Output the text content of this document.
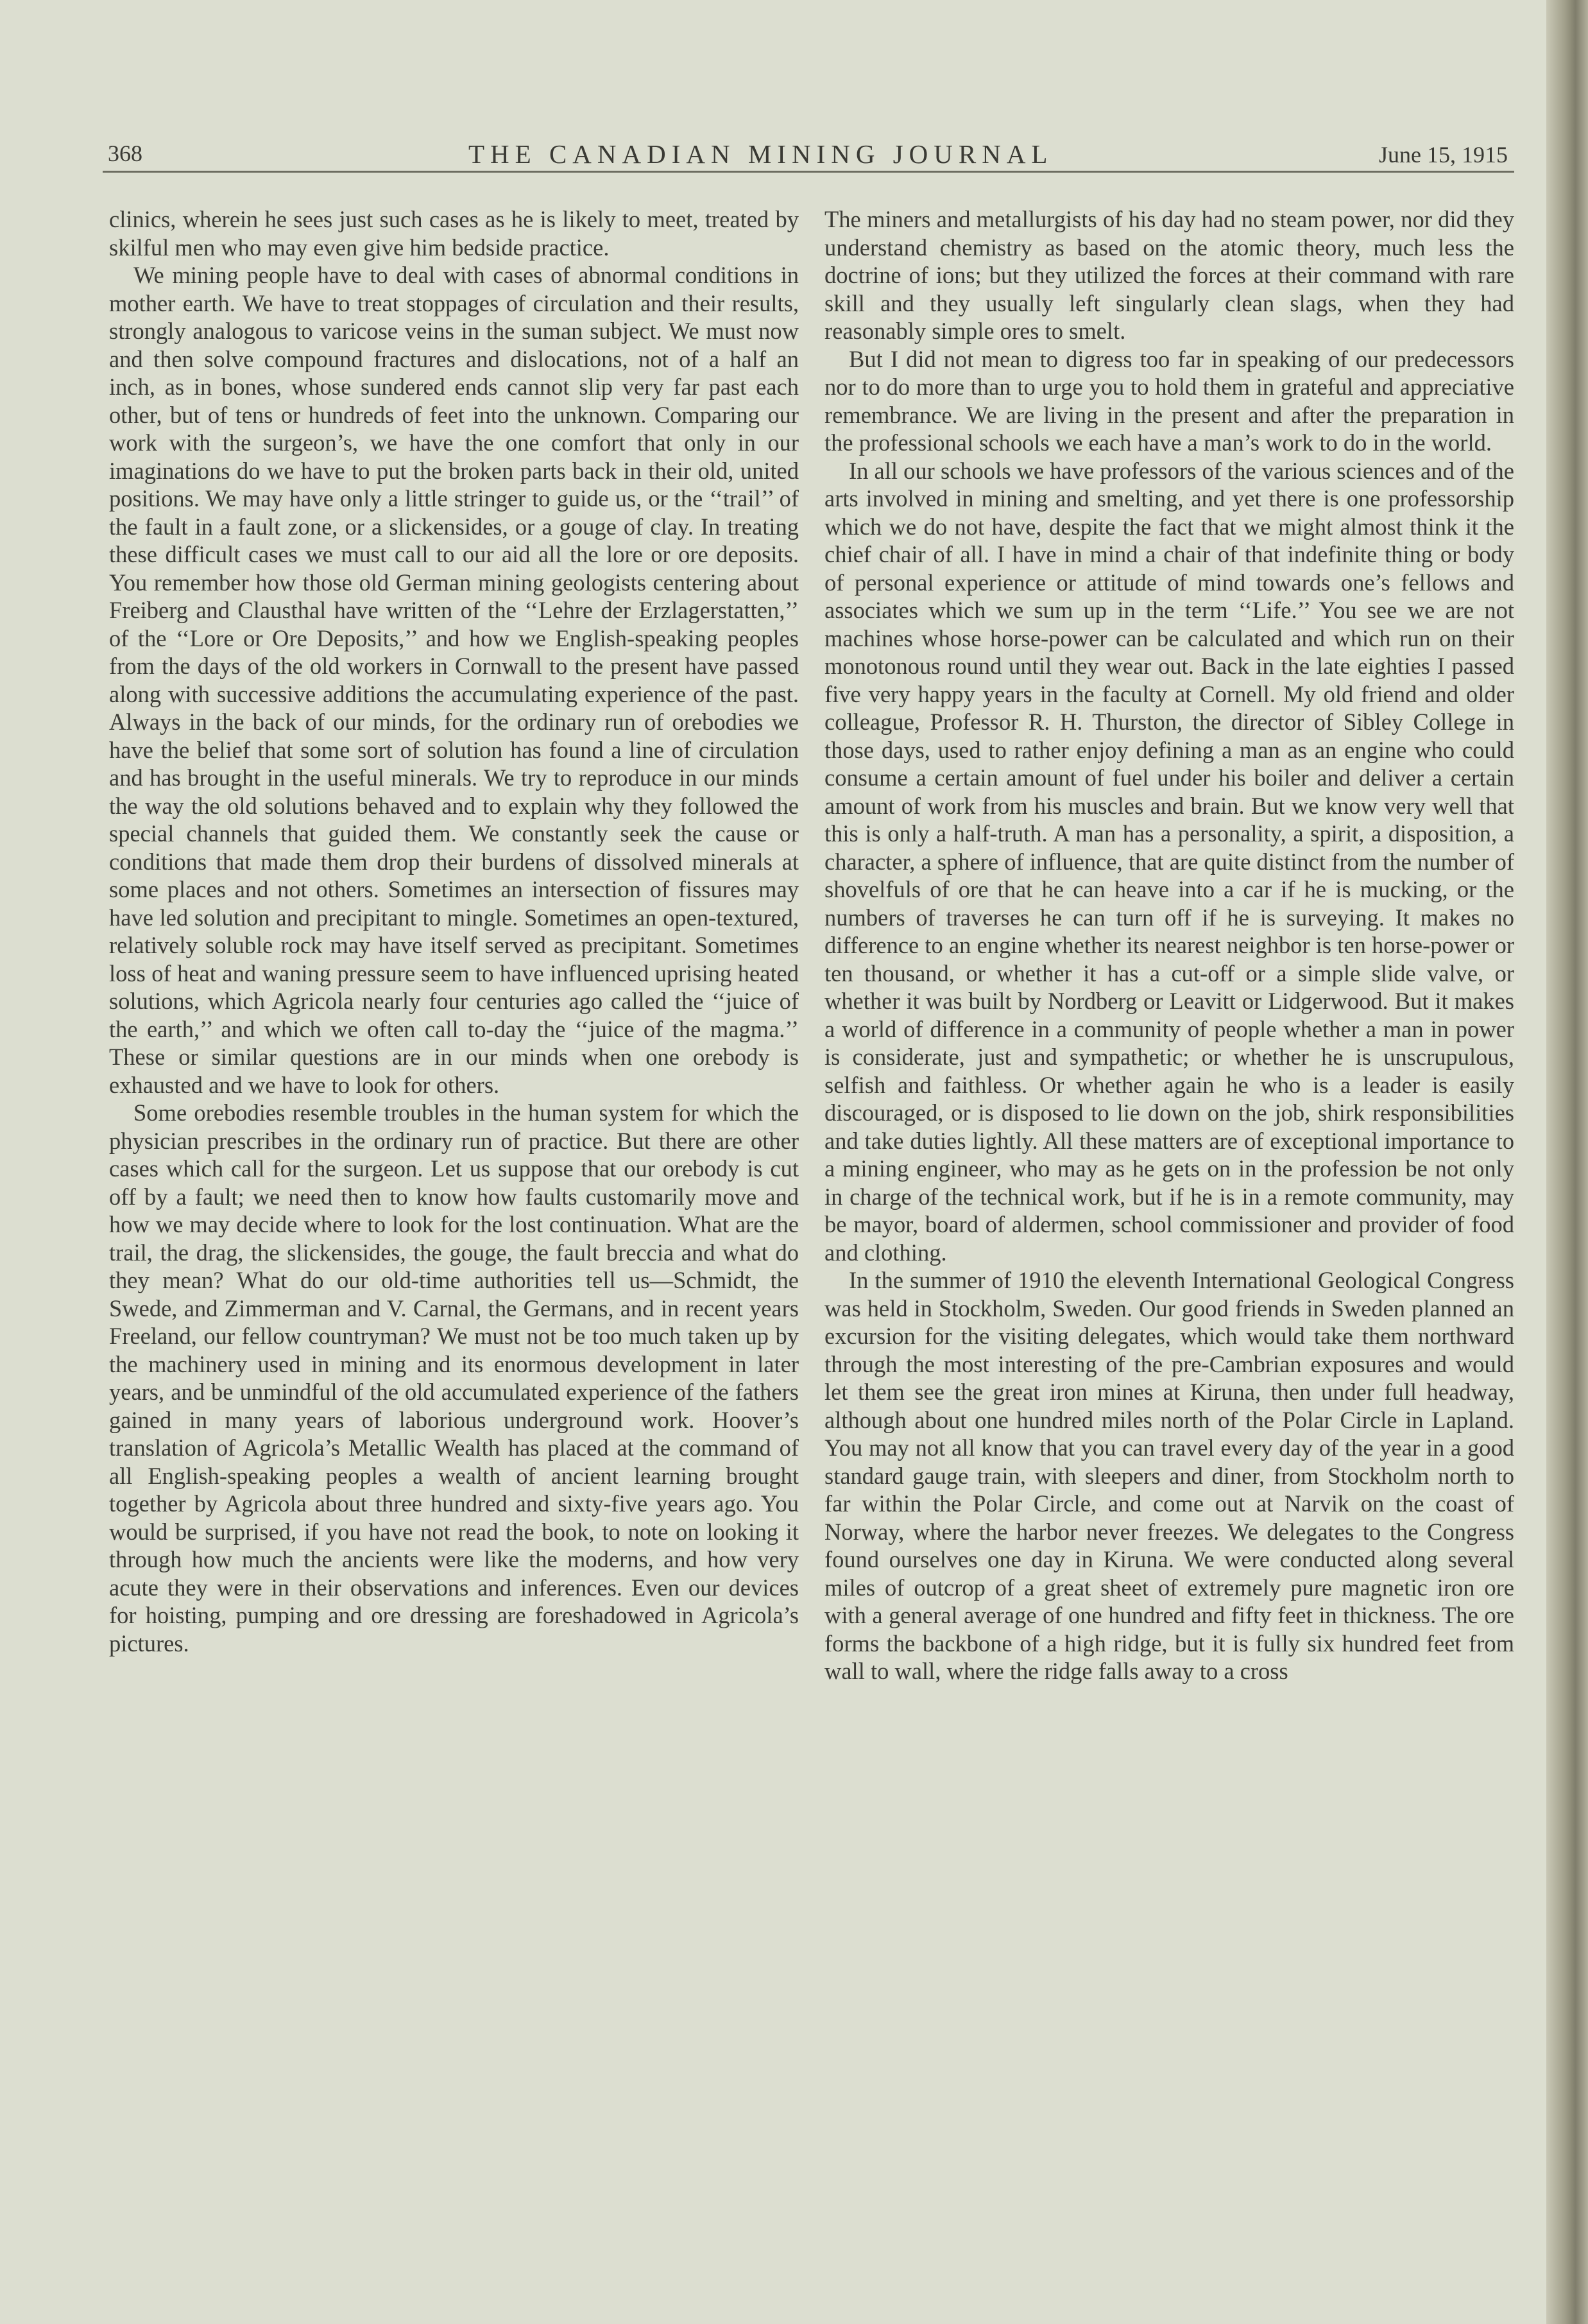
368	THE CANADIAN MINING JOURNAL	June 15, 1915

clinics, wherein he sees just such cases as he is likely to meet, treated by skilful men who may even give him bedside practice.

We mining people have to deal with cases of abnormal conditions in mother earth. We have to treat stoppages of circulation and their results, strongly analogous to varicose veins in the suman subject. We must now and then solve compound fractures and dislocations, not of a half an inch, as in bones, whose sundered ends cannot slip very far past each other, but of tens or hundreds of feet into the unknown. Comparing our work with the surgeon’s, we have the one comfort that only in our imaginations do we have to put the broken parts back in their old, united positions. We may have only a little stringer to guide us, or the ‘‘trail’’ of the fault in a fault zone, or a slickensides, or a gouge of clay. In treating these difficult cases we must call to our aid all the lore or ore deposits. You remember how those old German mining geologists centering about Freiberg and Clausthal have written of the ‘‘Lehre der Erzlagerstatten,’’ of the ‘‘Lore or Ore Deposits,’’ and how we English-speaking peoples from the days of the old workers in Cornwall to the present have passed along with successive additions the accumulating experience of the past. Always in the back of our minds, for the ordinary run of orebodies we have the belief that some sort of solution has found a line of circulation and has brought in the useful minerals. We try to reproduce in our minds the way the old solutions behaved and to explain why they followed the special channels that guided them. We constantly seek the cause or conditions that made them drop their burdens of dissolved minerals at some places and not others. Sometimes an intersection of fissures may have led solution and precipitant to mingle. Sometimes an open-textured, relatively soluble rock may have itself served as precipitant. Sometimes loss of heat and waning pressure seem to have influenced uprising heated solutions, which Agricola nearly four centuries ago called the ‘‘juice of the earth,’’ and which we often call to-day the ‘‘juice of the magma.’’ These or similar questions are in our minds when one orebody is exhausted and we have to look for others.

Some orebodies resemble troubles in the human system for which the physician prescribes in the ordinary run of practice. But there are other cases which call for the surgeon. Let us suppose that our orebody is cut off by a fault; we need then to know how faults customarily move and how we may decide where to look for the lost continuation. What are the trail, the drag, the slickensides, the gouge, the fault breccia and what do they mean? What do our old-time authorities tell us—Schmidt, the Swede, and Zimmerman and V. Carnal, the Germans, and in recent years Freeland, our fellow countryman? We must not be too much taken up by the machinery used in mining and its enormous development in later years, and be unmindful of the old accumulated experience of the fathers gained in many years of laborious underground work. Hoover’s translation of Agricola’s Metallic Wealth has placed at the command of all English-speaking peoples a wealth of ancient learning brought together by Agricola about three hundred and sixty-five years ago. You would be surprised, if you have not read the book, to note on looking it through how much the ancients were like the moderns, and how very acute they were in their observations and inferences. Even our devices for hoisting, pumping and ore dressing are foreshadowed in Agricola’s pictures.

The miners and metallurgists of his day had no steam power, nor did they understand chemistry as based on the atomic theory, much less the doctrine of ions; but they utilized the forces at their command with rare skill and they usually left singularly clean slags, when they had reasonably simple ores to smelt.

But I did not mean to digress too far in speaking of our predecessors nor to do more than to urge you to hold them in grateful and appreciative remembrance. We are living in the present and after the preparation in the professional schools we each have a man’s work to do in the world.

In all our schools we have professors of the various sciences and of the arts involved in mining and smelting, and yet there is one professorship which we do not have, despite the fact that we might almost think it the chief chair of all. I have in mind a chair of that indefinite thing or body of personal experience or attitude of mind towards one’s fellows and associates which we sum up in the term ‘‘Life.’’ You see we are not machines whose horse-power can be calculated and which run on their monotonous round until they wear out. Back in the late eighties I passed five very happy years in the faculty at Cornell. My old friend and older colleague, Professor R. H. Thurston, the director of Sibley College in those days, used to rather enjoy defining a man as an engine who could consume a certain amount of fuel under his boiler and deliver a certain amount of work from his muscles and brain. But we know very well that this is only a half-truth. A man has a personality, a spirit, a disposition, a character, a sphere of influence, that are quite distinct from the number of shovelfuls of ore that he can heave into a car if he is mucking, or the numbers of traverses he can turn off if he is surveying. It makes no difference to an engine whether its nearest neighbor is ten horse-power or ten thousand, or whether it has a cut-off or a simple slide valve, or whether it was built by Nordberg or Leavitt or Lidgerwood. But it makes a world of difference in a community of people whether a man in power is considerate, just and sympathetic; or whether he is unscrupulous, selfish and faithless. Or whether again he who is a leader is easily discouraged, or is disposed to lie down on the job, shirk responsibilities and take duties lightly. All these matters are of exceptional importance to a mining engineer, who may as he gets on in the profession be not only in charge of the technical work, but if he is in a remote community, may be mayor, board of aldermen, school commissioner and provider of food and clothing.

In the summer of 1910 the eleventh International Geological Congress was held in Stockholm, Sweden. Our good friends in Sweden planned an excursion for the visiting delegates, which would take them northward through the most interesting of the pre-Cambrian exposures and would let them see the great iron mines at Kiruna, then under full headway, although about one hundred miles north of the Polar Circle in Lapland. You may not all know that you can travel every day of the year in a good standard gauge train, with sleepers and diner, from Stockholm north to far within the Polar Circle, and come out at Narvik on the coast of Norway, where the harbor never freezes. We delegates to the Congress found ourselves one day in Kiruna. We were conducted along several miles of outcrop of a great sheet of extremely pure magnetic iron ore with a general average of one hundred and fifty feet in thickness. The ore forms the backbone of a high ridge, but it is fully six hundred feet from wall to wall, where the ridge falls away to a cross
